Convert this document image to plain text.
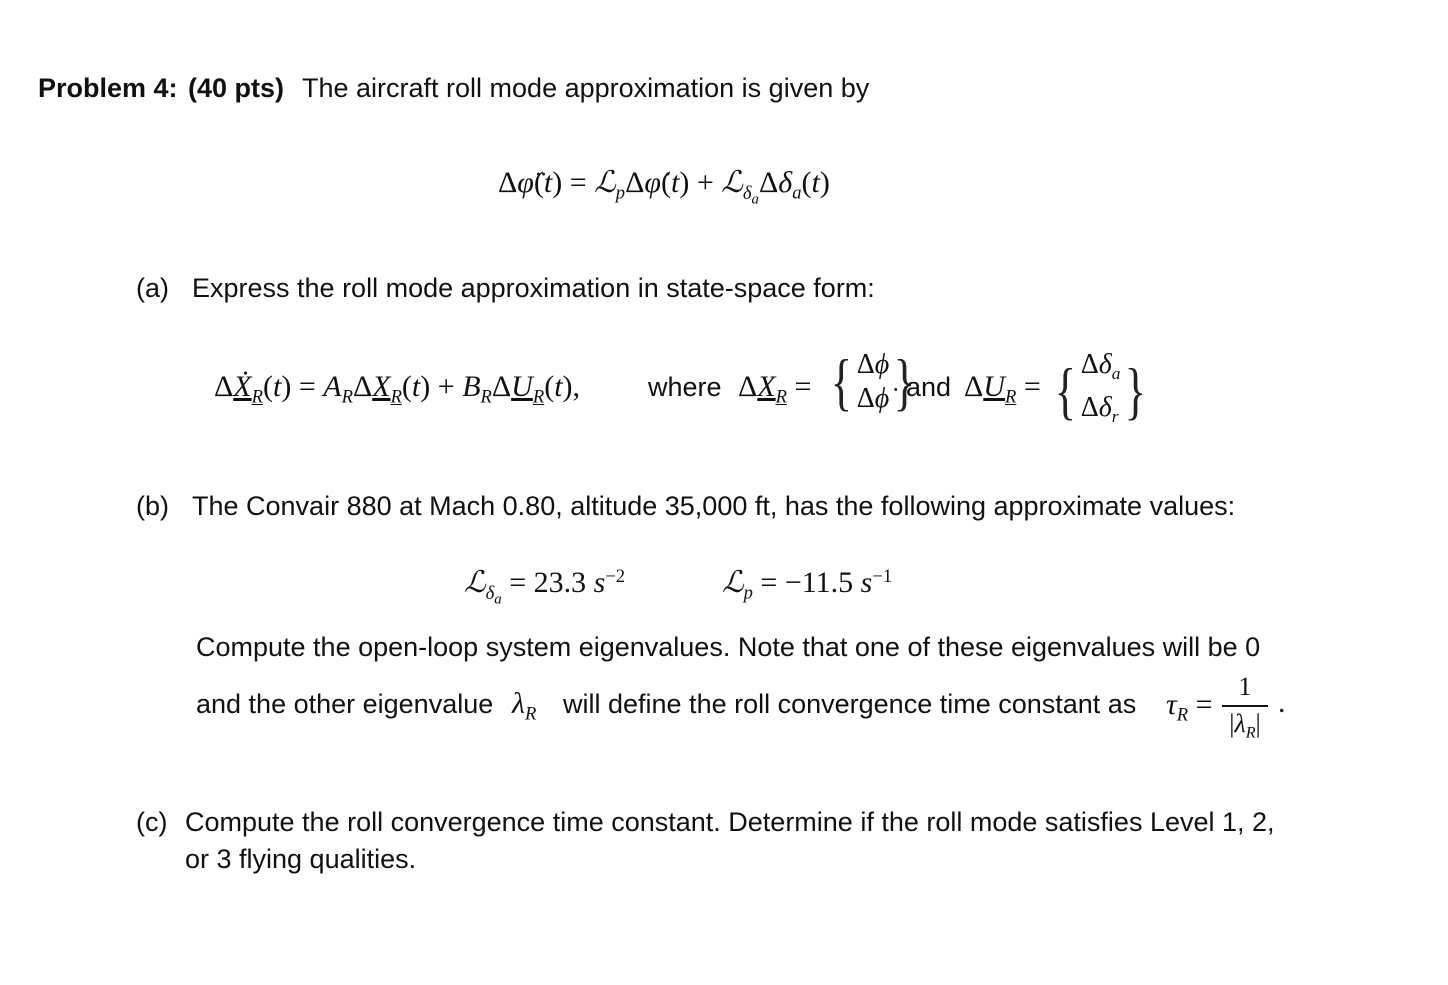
Problem 4: (40 pts) The aircraft roll mode approximation is given by
Δφ̈(t) = ℒ$_p$Δφ̇(t) + $ℒ_{\delta_a}\Delta\delta_a(t)$
(a) Express the roll mode approximation in state-space form:
ΔẊ$_R$(t) = $A_R\Delta X_R(t) + B_R\Delta U_R(t)$,	where $\Delta X_R$ = { Δϕ
Δϕ̇ }
and $\Delta U_R$ = { $\Delta\delta_a$
$\Delta\delta_r$ }
(b) The Convair 880 at Mach 0.80, altitude 35,000 ft, has the following approximate values:
ℒ$_{\delta_a}$ = 23.3 $s^{-2}$	ℒ$_p$ = −11.5 $s^{-1}$
Compute the open-loop system eigenvalues. Note that one of these eigenvalues will be 0
and the other eigenvalue $\lambda_R$ will define the roll convergence time constant as $\tau_R$ =
1
$|\lambda_R|$
.
(c) Compute the roll convergence time constant. Determine if the roll mode satisfies Level 1, 2,
or 3 flying qualities.
